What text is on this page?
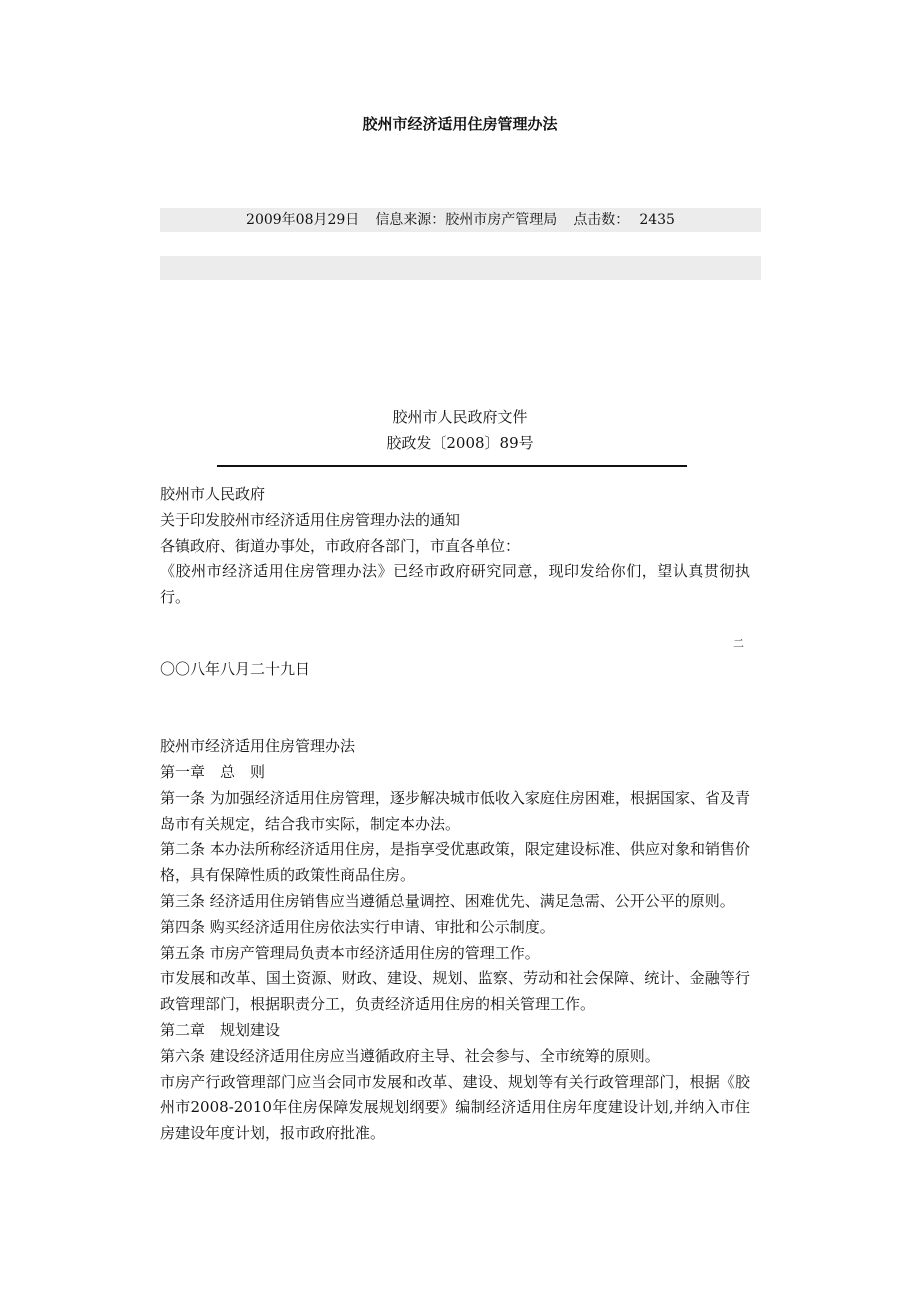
胶州市经济适用住房管理办法
2009年08月29日 信息来源：胶州市房产管理局 点击数： 2435
胶州市人民政府文件
胶政发〔2008〕89号

胶州市人民政府

关于印发胶州市经济适用住房管理办法的通知

各镇政府、街道办事处，市政府各部门，市直各单位：

《胶州市经济适用住房管理办法》已经市政府研究同意，现印发给你们，望认真贯彻执行。

二

〇〇八年八月二十九日

胶州市经济适用住房管理办法

第一章　总　则

第一条 为加强经济适用住房管理，逐步解决城市低收入家庭住房困难，根据国家、省及青岛市有关规定，结合我市实际，制定本办法。

第二条 本办法所称经济适用住房，是指享受优惠政策，限定建设标准、供应对象和销售价格，具有保障性质的政策性商品住房。

第三条 经济适用住房销售应当遵循总量调控、困难优先、满足急需、公开公平的原则。

第四条 购买经济适用住房依法实行申请、审批和公示制度。

第五条 市房产管理局负责本市经济适用住房的管理工作。

市发展和改革、国土资源、财政、建设、规划、监察、劳动和社会保障、统计、金融等行政管理部门，根据职责分工，负责经济适用住房的相关管理工作。

第二章　规划建设

第六条 建设经济适用住房应当遵循政府主导、社会参与、全市统筹的原则。

市房产行政管理部门应当会同市发展和改革、建设、规划等有关行政管理部门，根据《胶州市2008-2010年住房保障发展规划纲要》编制经济适用住房年度建设计划,并纳入市住房建设年度计划，报市政府批准。
